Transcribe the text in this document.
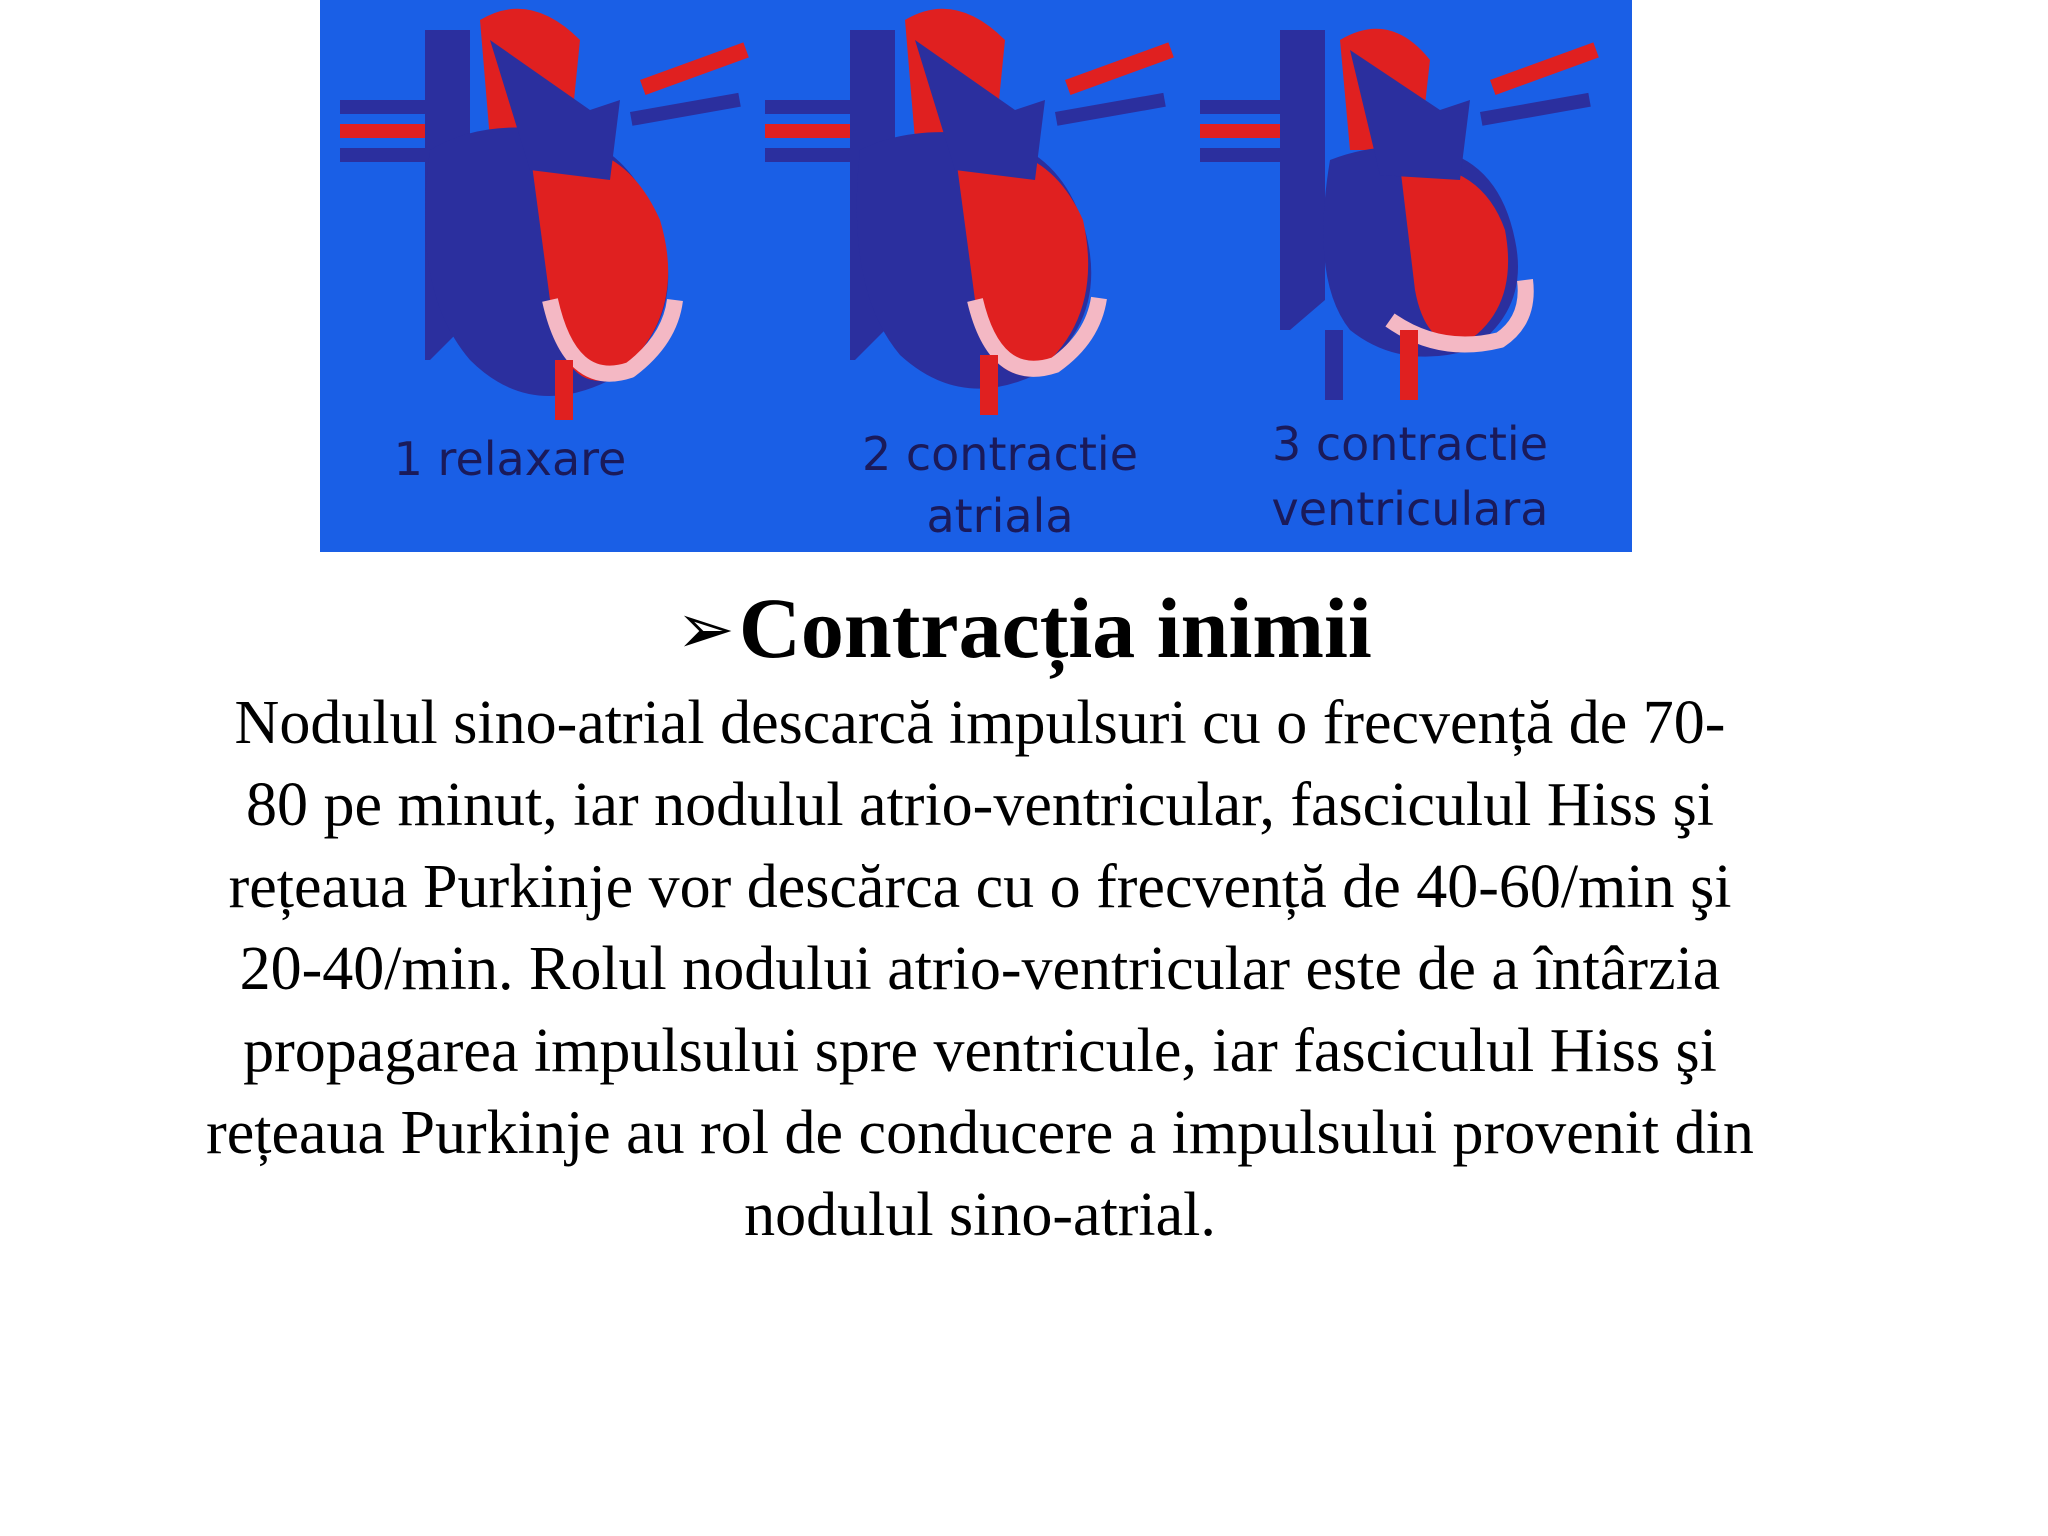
1 relaxare	2 contractie
atriala
3 contractie
ventriculara
➢Contracția inimii
Nodulul sino-atrial descarcă impulsuri cu o frecvență de 70-
80 pe minut, iar nodulul atrio-ventricular, fasciculul Hiss şi
rețeaua Purkinje vor descărca cu o frecvență de 40-60/min şi
20-40/min. Rolul nodului atrio-ventricular este de a întârzia
propagarea impulsului spre ventricule, iar fasciculul Hiss şi
rețeaua Purkinje au rol de conducere a impulsului provenit din
nodulul sino-atrial.
